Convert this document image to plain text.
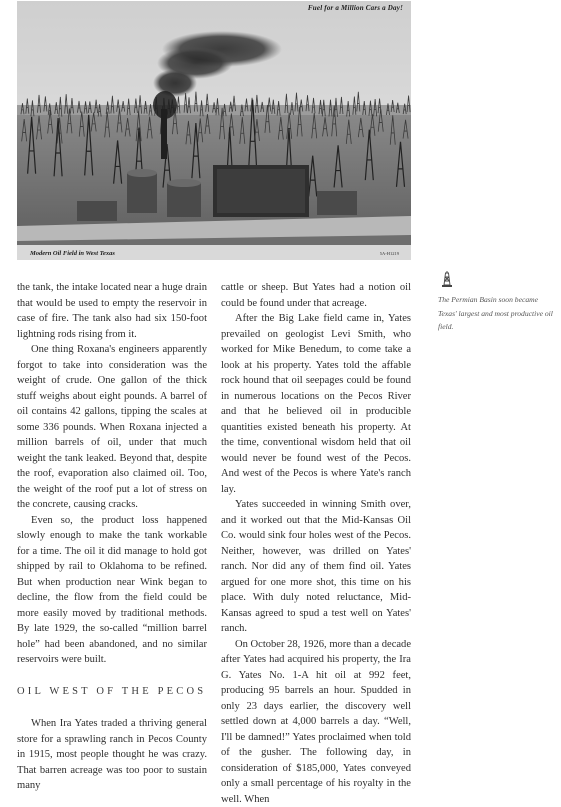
Fuel for a Million Cars a Day!
Modern Oil Field in West Texas	5A-H1219

the tank, the intake located near a huge drain that would be used to empty the reservoir in case of fire. The tank also had six 150-foot lightning rods rising from it.

One thing Roxana's engineers apparently forgot to take into consideration was the weight of crude. One gallon of the thick stuff weighs about eight pounds. A barrel of oil contains 42 gallons, tipping the scales at some 336 pounds. When Roxana injected a million barrels of oil, under that much weight the tank leaked. Beyond that, despite the roof, evaporation also claimed oil. Too, the weight of the roof put a lot of stress on the concrete, causing cracks.

Even so, the product loss happened slowly enough to make the tank workable for a time. The oil it did manage to hold got shipped by rail to Oklahoma to be refined. But when production near Wink began to decline, the flow from the field could be more easily moved by traditional methods. By late 1929, the so-called “million barrel hole” had been abandoned, and no similar reservoirs were built.

OIL WEST OF THE PECOS

When Ira Yates traded a thriving general store for a sprawling ranch in Pecos County in 1915, most people thought he was crazy. That barren acreage was too poor to sustain many

cattle or sheep. But Yates had a notion oil could be found under that acreage.

After the Big Lake field came in, Yates prevailed on geologist Levi Smith, who worked for Mike Benedum, to come take a look at his property. Yates told the affable rock hound that oil seepages could be found in numerous locations on the Pecos River and that he believed oil in producible quantities existed beneath his property. At the time, conventional wisdom held that oil would never be found west of the Pecos. And west of the Pecos is where Yate's ranch lay.

Yates succeeded in winning Smith over, and it worked out that the Mid-Kansas Oil Co. would sink four holes west of the Pecos. Neither, however, was drilled on Yates' ranch. Nor did any of them find oil. Yates argued for one more shot, this time on his place. With duly noted reluctance, Mid-Kansas agreed to spud a test well on Yates' ranch.

On October 28, 1926, more than a decade after Yates had acquired his property, the Ira G. Yates No. 1-A hit oil at 992 feet, producing 95 barrels an hour. Spudded in only 23 days earlier, the discovery well settled down at 4,000 barrels a day. “Well, I'll be damned!” Yates proclaimed when told of the gusher. The following day, in consideration of $185,000, Yates conveyed only a small percentage of his royalty in the well. When

The Permian Basin soon became Texas' largest and most productive oil field.
